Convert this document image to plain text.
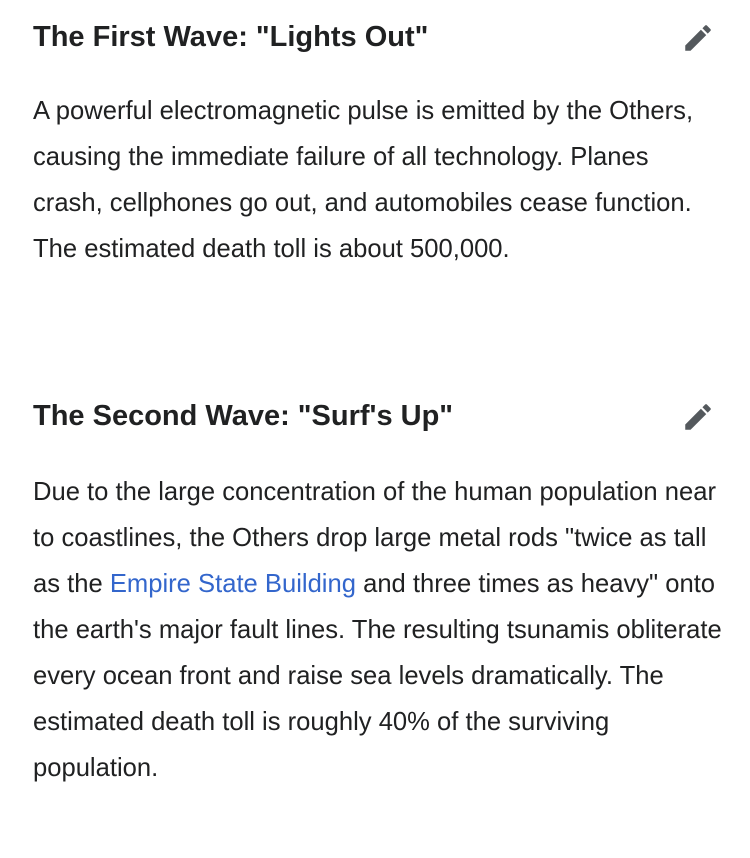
The First Wave: "Lights Out"

A powerful electromagnetic pulse is emitted by the Others, causing the immediate failure of all technology. Planes crash, cellphones go out, and automobiles cease function. The estimated death toll is about 500,000.

The Second Wave: "Surf's Up"

Due to the large concentration of the human population near to coastlines, the Others drop large metal rods "twice as tall as the Empire State Building and three times as heavy" onto the earth's major fault lines. The resulting tsunamis obliterate every ocean front and raise sea levels dramatically. The estimated death toll is roughly 40% of the surviving population.
